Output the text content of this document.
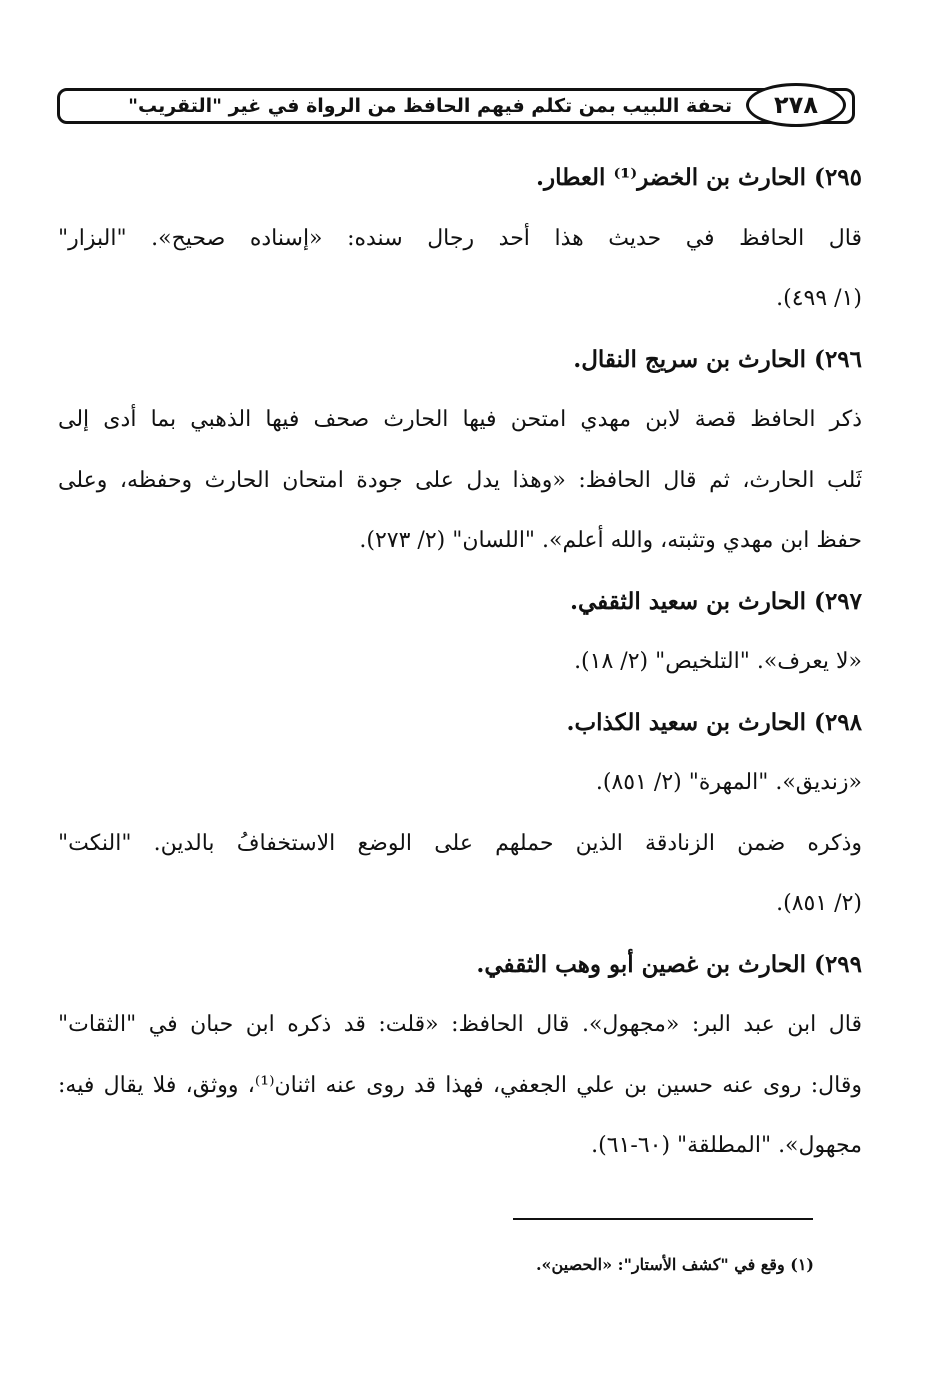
تحفة اللبيب بمن تكلم فيهم الحافظ من الرواة في غير "التقريب"	٢٧٨
٢٩٥) الحارث بن الخضر⁽¹⁾ العطار.
قال الحافظ في حديث هذا أحد رجال سنده: «إسناده صحيح». "البزار"
(١/ ٤٩٩).
٢٩٦) الحارث بن سريج النقال.
ذكر الحافظ قصة لابن مهدي امتحن فيها الحارث صحف فيها الذهبي بما أدى إلى
ثَلب الحارث، ثم قال الحافظ: «وهذا يدل على جودة امتحان الحارث وحفظه، وعلى
حفظ ابن مهدي وتثبته، والله أعلم». "اللسان" (٢/ ٢٧٣).
٢٩٧) الحارث بن سعيد الثقفي.
«لا يعرف». "التلخيص" (٢/ ١٨).
٢٩٨) الحارث بن سعيد الكذاب.
«زنديق». "المهرة" (٢/ ٨٥١).
وذكره ضمن الزنادقة الذين حملهم على الوضع الاستخفافُ بالدين. "النكت"
(٢/ ٨٥١).
٢٩٩) الحارث بن غصين أبو وهب الثقفي.
قال ابن عبد البر: «مجهول». قال الحافظ: «قلت: قد ذكره ابن حبان في "الثقات"
وقال: روى عنه حسين بن علي الجعفي، فهذا قد روى عنه اثنان⁽¹⁾، ووثق، فلا يقال فيه:
مجهول». "المطلقة" (٦٠-٦١).
(١) وقع في "كشف الأستار": «الحصين».
